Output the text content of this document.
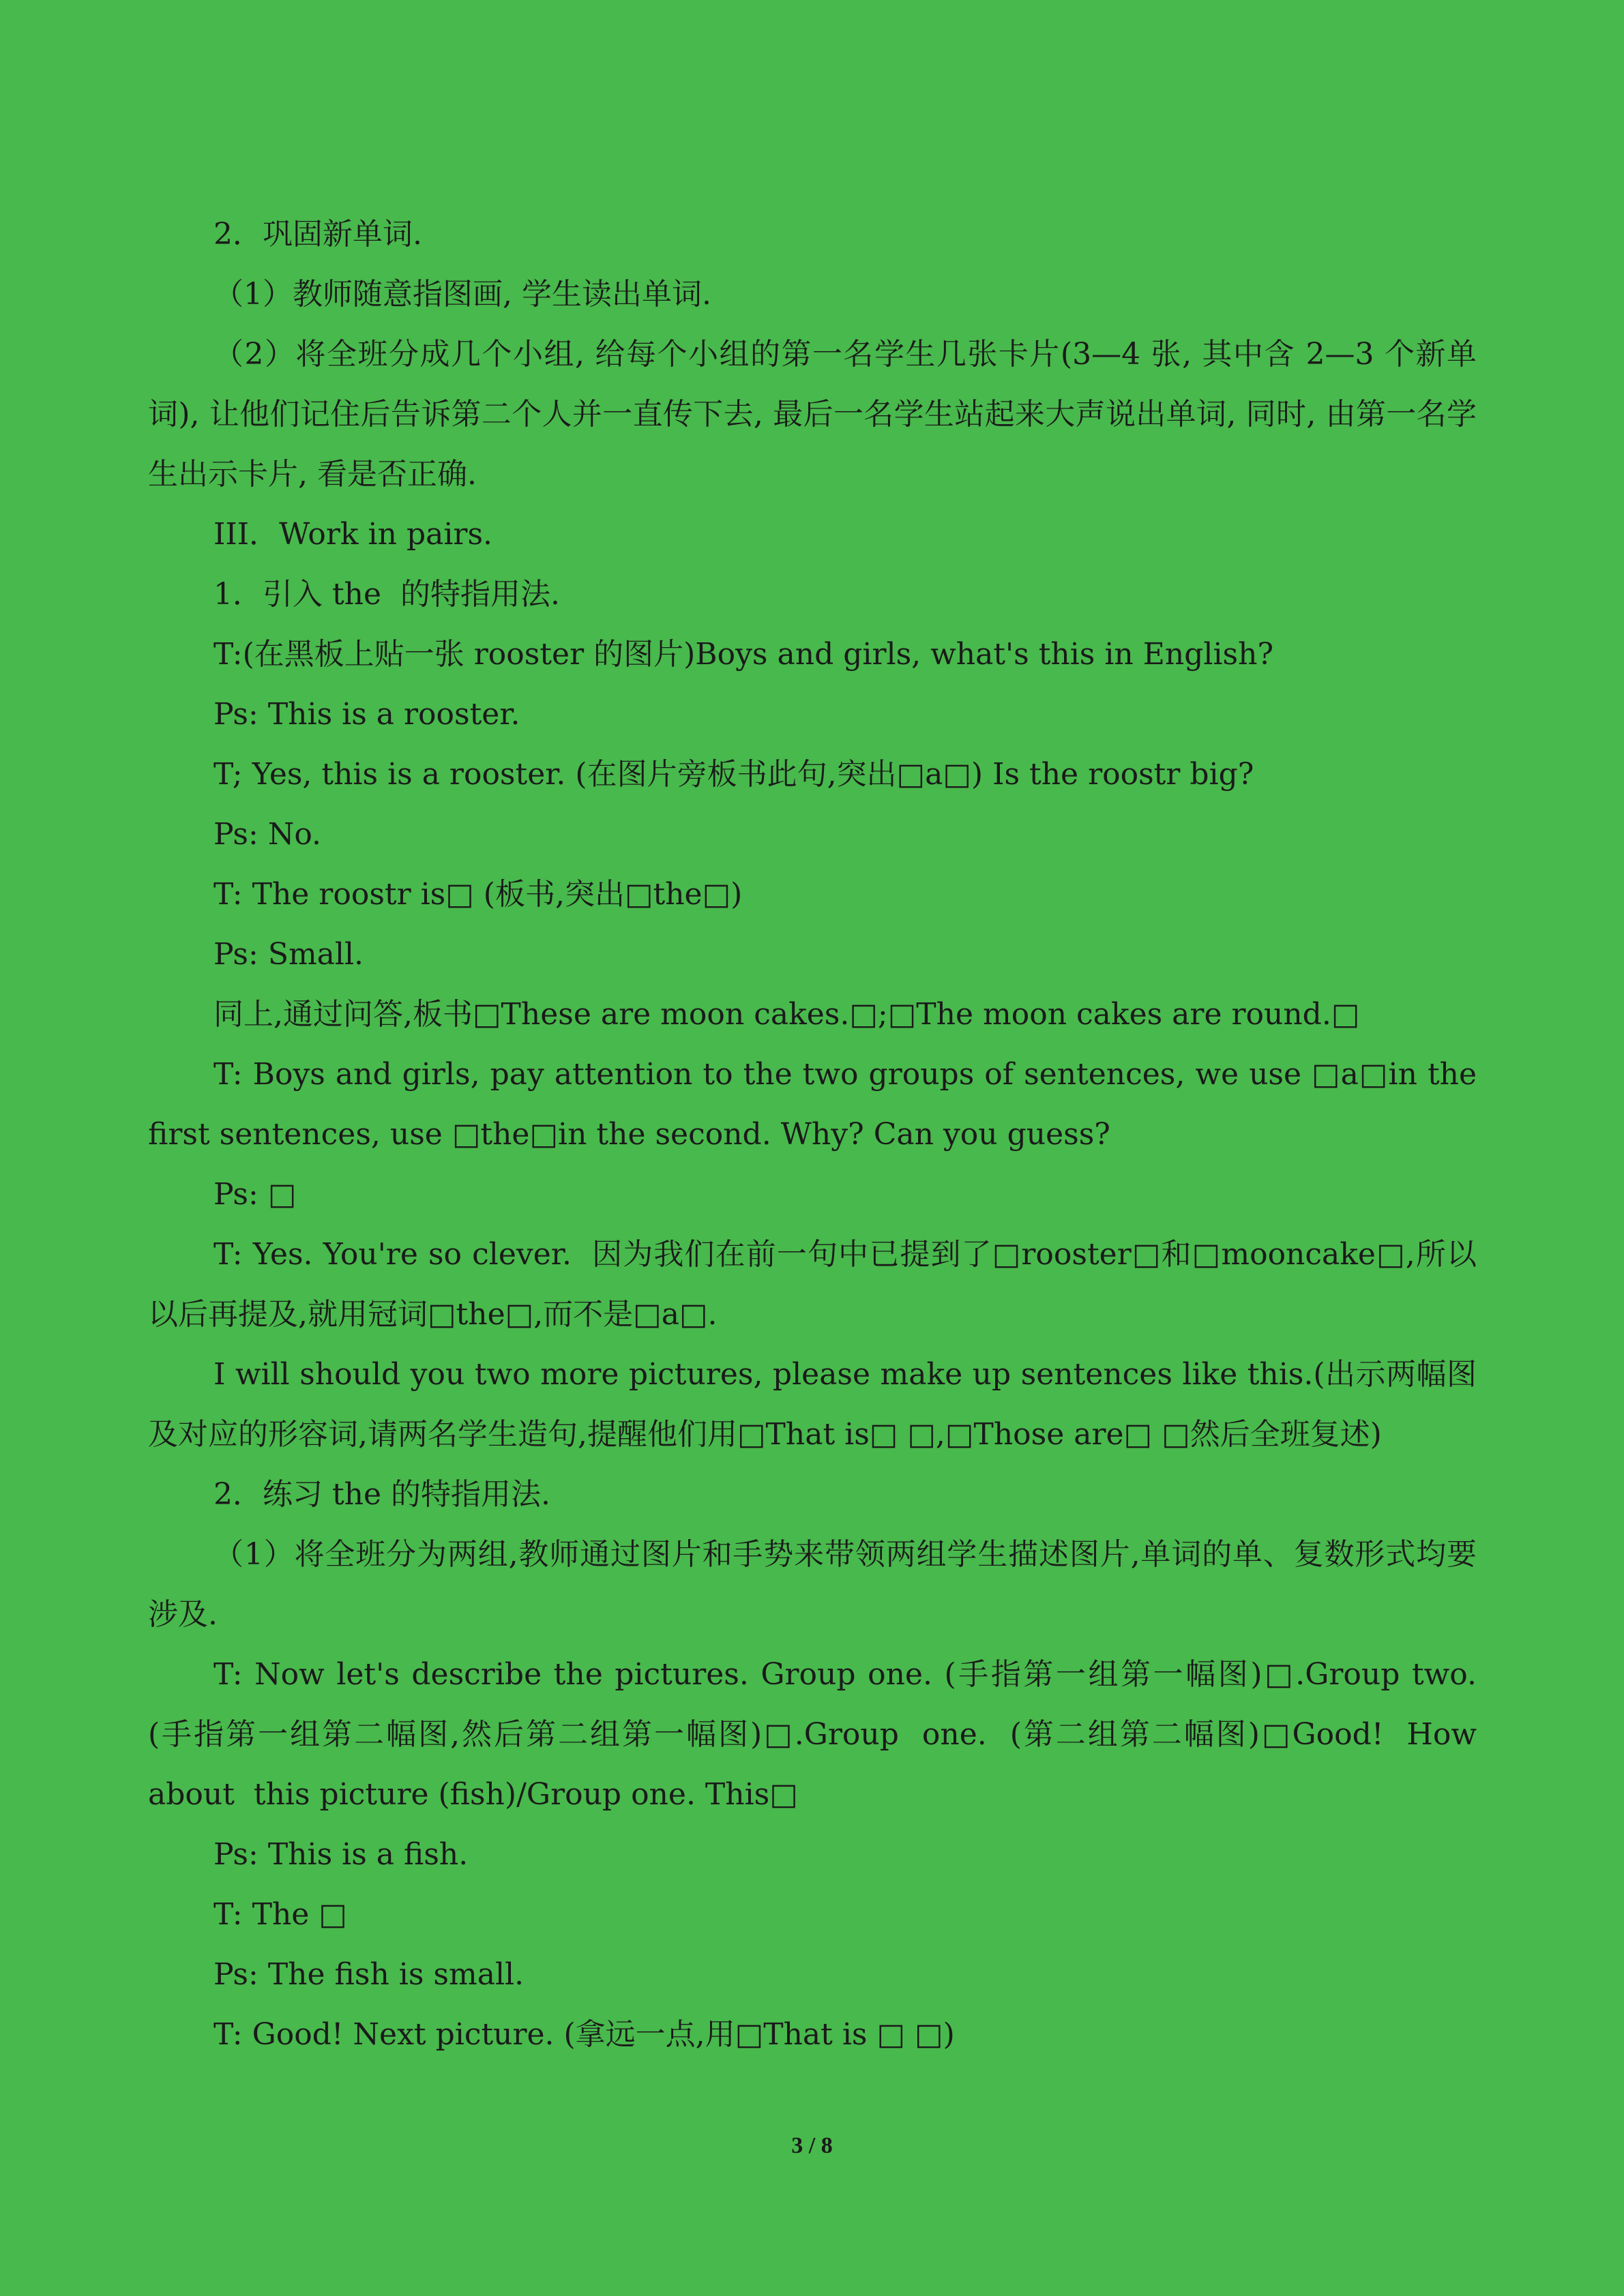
2．巩固新单词.

（1）教师随意指图画, 学生读出单词.

（2）将全班分成几个小组, 给每个小组的第一名学生几张卡片(3—4 张, 其中含 2—3 个新单词), 让他们记住后告诉第二个人并一直传下去, 最后一名学生站起来大声说出单词, 同时, 由第一名学生出示卡片, 看是否正确.

III．Work in pairs.

1．引入 the  的特指用法.

T:(在黑板上贴一张 rooster 的图片)Boys and girls, what's this in English?

Ps: This is a rooster.

T; Yes, this is a rooster. (在图片旁板书此句,突出□a□) Is the roostr big?

Ps: No.

T: The roostr is□ (板书,突出□the□)

Ps: Small.

同上,通过问答,板书□These are moon cakes.□;□The moon cakes are round.□

T: Boys and girls, pay attention to the two groups of sentences, we use □a□in the first sentences, use □the□in the second. Why? Can you guess?

Ps: □

T: Yes. You're so clever.  因为我们在前一句中已提到了□rooster□和□mooncake□,所以以后再提及,就用冠词□the□,而不是□a□.

I will should you two more pictures, please make up sentences like this.(出示两幅图及对应的形容词,请两名学生造句,提醒他们用□That is□ □,□Those are□ □然后全班复述)

2．练习 the 的特指用法.

（1）将全班分为两组,教师通过图片和手势来带领两组学生描述图片,单词的单、复数形式均要涉及.

T: Now let's describe the pictures. Group one. (手指第一组第一幅图)□.Group two. (手指第一组第二幅图,然后第二组第一幅图)□.Group  one.  (第二组第二幅图)□Good!  How  about  this picture (fish)/Group one. This□

Ps: This is a fish.

T: The □

Ps: The fish is small.

T: Good! Next picture. (拿远一点,用□That is □ □)

3 / 8
